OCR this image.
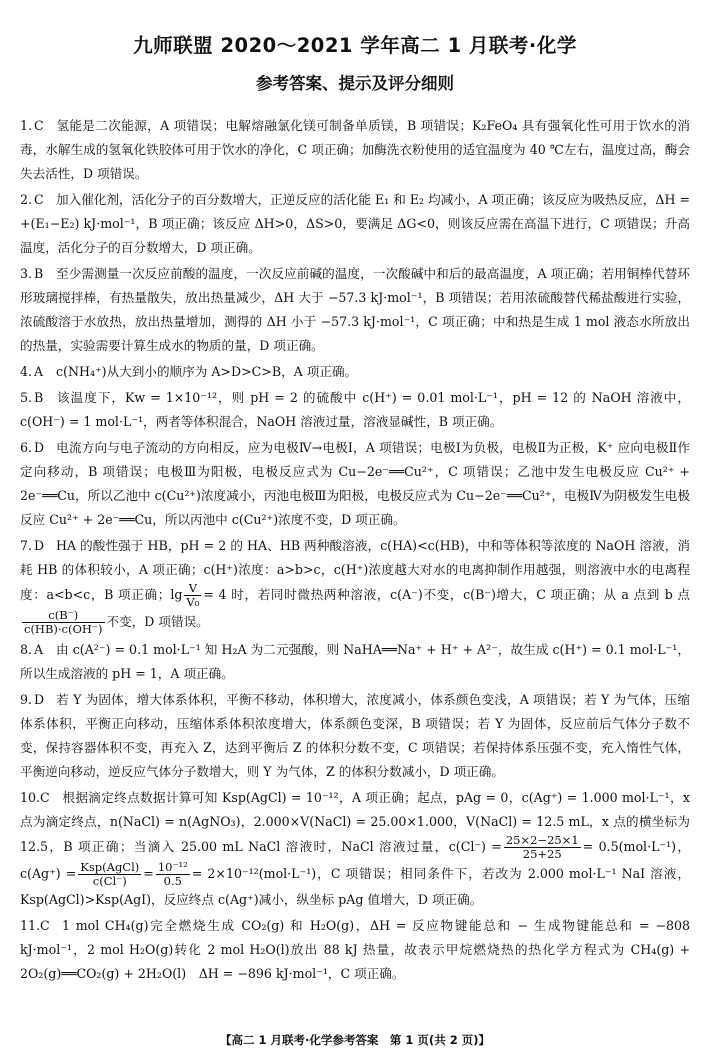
九师联盟 2020～2021 学年高二 1 月联考·化学
参考答案、提示及评分细则
1. C 氢能是二次能源，A 项错误；电解熔融氯化镁可制备单质镁，B 项错误；K₂FeO₄ 具有强氧化性可用于饮水的消毒，水解生成的氢氧化铁胶体可用于饮水的净化，C 项正确；加酶洗衣粉使用的适宜温度为 40 ℃左右，温度过高，酶会失去活性，D 项错误。
2. C 加入催化剂，活化分子的百分数增大，正逆反应的活化能 E₁ 和 E₂ 均减小，A 项正确；该反应为吸热反应，ΔH = +(E₁−E₂) kJ·mol⁻¹，B 项正确；该反应 ΔH>0，ΔS>0，要满足 ΔG<0，则该反应需在高温下进行，C 项错误；升高温度，活化分子的百分数增大，D 项正确。
3. B 至少需测量一次反应前酸的温度，一次反应前碱的温度，一次酸碱中和后的最高温度，A 项正确；若用铜棒代替环形玻璃搅拌棒，有热量散失，放出热量减少，ΔH 大于 −57.3 kJ·mol⁻¹，B 项错误；若用浓硫酸替代稀盐酸进行实验，浓硫酸溶于水放热，放出热量增加，测得的 ΔH 小于 −57.3 kJ·mol⁻¹，C 项正确；中和热是生成 1 mol 液态水所放出的热量，实验需要计算生成水的物质的量，D 项正确。
4. A c(NH₄⁺)从大到小的顺序为 A>D>C>B，A 项正确。
5. B 该温度下，Kw = 1×10⁻¹²，则 pH = 2 的硫酸中 c(H⁺) = 0.01 mol·L⁻¹，pH = 12 的 NaOH 溶液中，c(OH⁻) = 1 mol·L⁻¹，两者等体积混合，NaOH 溶液过量，溶液显碱性，B 项正确。
6. D 电流方向与电子流动的方向相反，应为电极Ⅳ→电极Ⅰ，A 项错误；电极Ⅰ为负极，电极Ⅱ为正极，K⁺ 应向电极Ⅱ作定向移动，B 项错误；电极Ⅲ为阳极，电极反应式为 Cu−2e⁻══Cu²⁺，C 项错误；乙池中发生电极反应 Cu²⁺ + 2e⁻══Cu，所以乙池中 c(Cu²⁺)浓度减小，丙池电极Ⅲ为阳极，电极反应式为 Cu−2e⁻══Cu²⁺，电极Ⅳ为阴极发生电极反应 Cu²⁺ + 2e⁻══Cu，所以丙池中 c(Cu²⁺)浓度不变，D 项正确。
7. D HA 的酸性强于 HB，pH = 2 的 HA、HB 两种酸溶液，c(HA)<c(HB)，中和等体积等浓度的 NaOH 溶液，消耗 HB 的体积较小，A 项正确；c(H⁺)浓度：a>b>c，c(H⁺)浓度越大对水的电离抑制作用越强，则溶液中水的电离程度：a<b<c，B 项正确；$\lg \frac{V}{\text{V₀}} = 4$ 时，若同时微热两种溶液，c(A⁻)不变，c(B⁻)增大，C 项正确；从 a 点到 b 点
$\frac{c(B^-)}{c(HB)\cdot c(OH^-)}$ 不变，D 项错误。
8. A 由 c(A²⁻) = 0.1 mol·L⁻¹ 知 H₂A 为二元强酸，则 NaHA══Na⁺ + H⁺ + A²⁻，故生成 c(H⁺) = 0.1 mol·L⁻¹，所以生成溶液的 pH = 1，A 项正确。
9. D 若 Y 为固体，增大体系体积，平衡不移动，体积增大，浓度减小，体系颜色变浅，A 项错误；若 Y 为气体，压缩体系体积，平衡正向移动，压缩体系体积浓度增大，体系颜色变深，B 项错误；若 Y 为固体，反应前后气体分子数不变，保持容器体积不变，再充入 Z，达到平衡后 Z 的体积分数不变，C 项错误；若保持体系压强不变，充入惰性气体，平衡逆向移动，逆反应气体分子数增大，则 Y 为气体，Z 的体积分数减小，D 项正确。
10.C 根据滴定终点数据计算可知 Ksp(AgCl) = 10⁻¹²，A 项正确；起点，pAg = 0，c(Ag⁺) = 1.000 mol·L⁻¹，x 点为滴定终点，n(NaCl) = n(AgNO₃)，2.000×V(NaCl) = 25.00×1.000，V(NaCl) = 12.5 mL，x 点的横坐标为 12.5，B 项正确；当滴入 25.00 mL NaCl 溶液时，NaCl 溶液过量，$c(Cl^-) = \frac{25\times 2-25\times 1}{25+25} = 0.5(mol\cdot L^{-1})$，$c(Ag^+) = \frac{\text{Ksp(AgCl)}}{c(Cl^-)} = \frac{\text{10⁻¹²}}{0.5} = 2\times 10^{-12}(mol\cdot L^{-1})$，C 项错误；相同条件下，若改为 2.000 mol·L⁻¹ NaI 溶液，Ksp(AgCl)>Ksp(AgI)，反应终点 c(Ag⁺)减小，纵坐标 pAg 值增大，D 项正确。
11.C 1 mol CH₄(g)完全燃烧生成 CO₂(g) 和 H₂O(g)，ΔH = 反应物键能总和 − 生成物键能总和 = −808 kJ·mol⁻¹，2 mol H₂O(g)转化 2 mol H₂O(l)放出 88 kJ 热量，故表示甲烷燃烧热的热化学方程式为 CH₄(g) + 2O₂(g)══CO₂(g) + 2H₂O(l)　ΔH = −896 kJ·mol⁻¹，C 项正确。
【高二 1 月联考·化学参考答案　第 1 页(共 2 页)】
